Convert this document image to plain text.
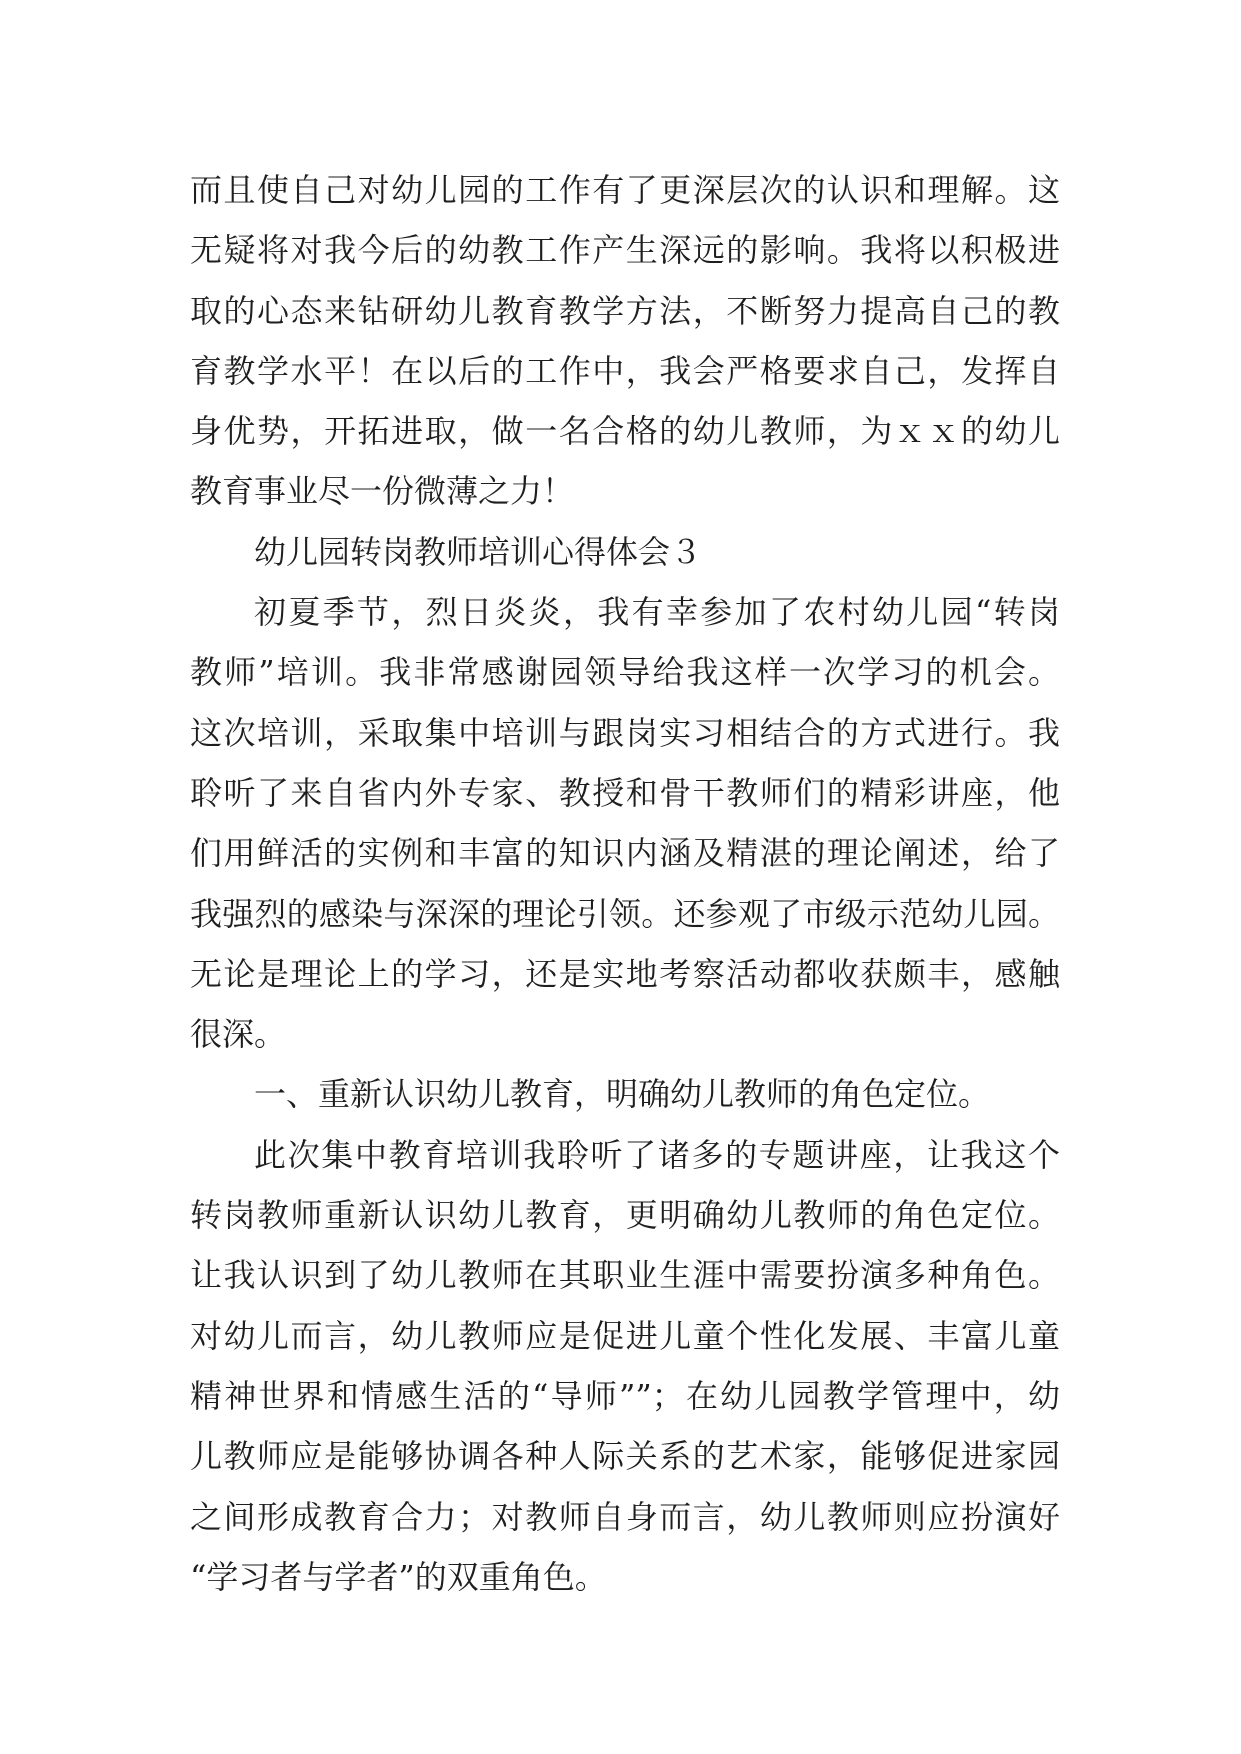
而且使自己对幼儿园的工作有了更深层次的认识和理解。这
无疑将对我今后的幼教工作产生深远的影响。我将以积极进
取的心态来钻研幼儿教育教学方法，不断努力提高自己的教
育教学水平！在以后的工作中，我会严格要求自己，发挥自
身优势，开拓进取，做一名合格的幼儿教师，为ｘｘ的幼儿
教育事业尽一份微薄之力！
幼儿园转岗教师培训心得体会３
初夏季节，烈日炎炎，我有幸参加了农村幼儿园“转岗
教师”培训。我非常感谢园领导给我这样一次学习的机会。
这次培训，采取集中培训与跟岗实习相结合的方式进行。我
聆听了来自省内外专家、教授和骨干教师们的精彩讲座，他
们用鲜活的实例和丰富的知识内涵及精湛的理论阐述，给了
我强烈的感染与深深的理论引领。还参观了市级示范幼儿园。
无论是理论上的学习，还是实地考察活动都收获颇丰，感触
很深。
一、重新认识幼儿教育，明确幼儿教师的角色定位。
此次集中教育培训我聆听了诸多的专题讲座，让我这个
转岗教师重新认识幼儿教育，更明确幼儿教师的角色定位。
让我认识到了幼儿教师在其职业生涯中需要扮演多种角色。
对幼儿而言，幼儿教师应是促进儿童个性化发展、丰富儿童
精神世界和情感生活的“导师””；在幼儿园教学管理中，幼
儿教师应是能够协调各种人际关系的艺术家，能够促进家园
之间形成教育合力；对教师自身而言，幼儿教师则应扮演好
“学习者与学者”的双重角色。
